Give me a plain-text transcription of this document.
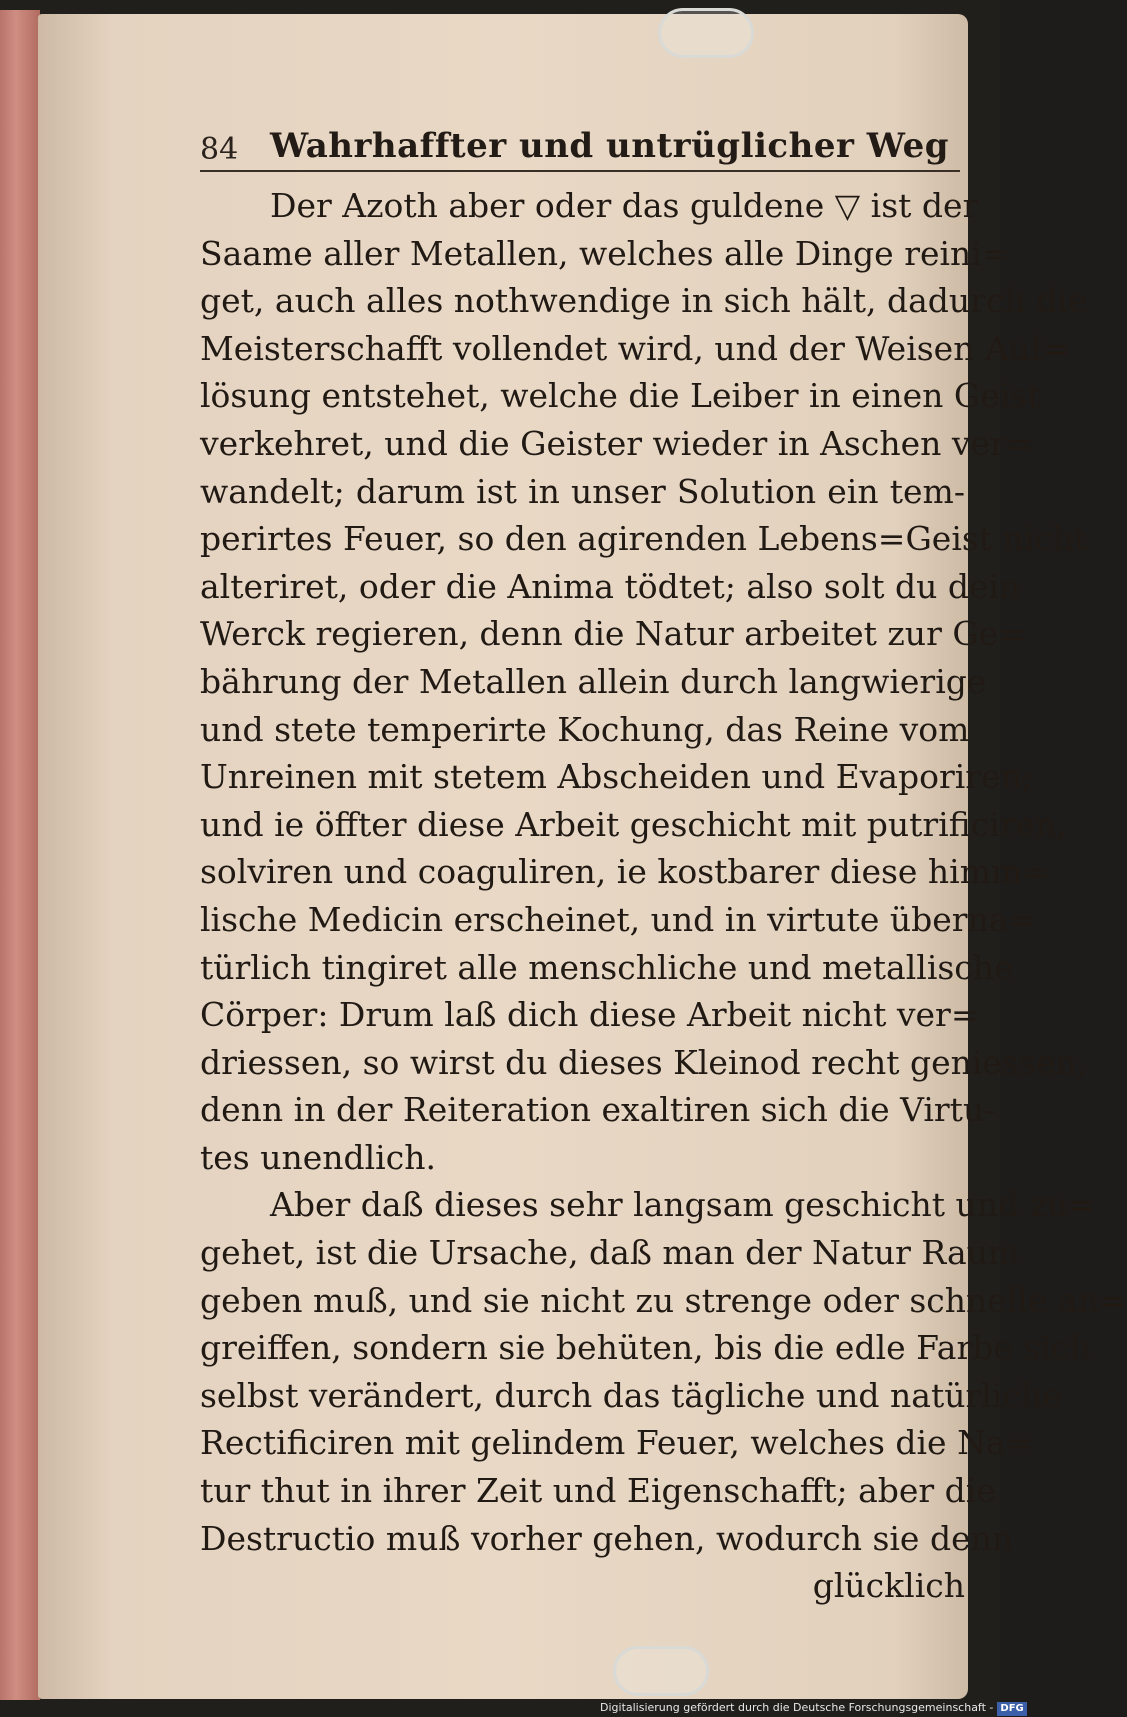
84 Wahrhaffter und untrüglicher Weg
Der Azoth aber oder das guldene ▽ ist der
Saame aller Metallen, welches alle Dinge reini=
get, auch alles nothwendige in sich hält, dadurch die
Meisterschafft vollendet wird, und der Weisen Auf=
lösung entstehet, welche die Leiber in einen Geist
verkehret, und die Geister wieder in Aschen ver=
wandelt; darum ist in unser Solution ein tem-
perirtes Feuer, so den agirenden Lebens=Geist nicht
alteriret, oder die Anima tödtet; also solt du dein
Werck regieren, denn die Natur arbeitet zur Ge=
bährung der Metallen allein durch langwierige
und stete temperirte Kochung, das Reine vom
Unreinen mit stetem Abscheiden und Evaporiren;
und ie öffter diese Arbeit geschicht mit putrificiren,
solviren und coaguliren, ie kostbarer diese himm=
lische Medicin erscheinet, und in virtute überna=
türlich tingiret alle menschliche und metallische
Cörper: Drum laß dich diese Arbeit nicht ver=
driessen, so wirst du dieses Kleinod recht geniessen,
denn in der Reiteration exaltiren sich die Virtu-
tes unendlich.
Aber daß dieses sehr langsam geschicht und zu=
gehet, ist die Ursache, daß man der Natur Raum
geben muß, und sie nicht zu strenge oder schnelle an=
greiffen, sondern sie behüten, bis die edle Farbe sich
selbst verändert, durch das tägliche und natürliche
Rectificiren mit gelindem Feuer, welches die Na=
tur thut in ihrer Zeit und Eigenschafft; aber die
Destructio muß vorher gehen, wodurch sie denn
glücklich
Digitalisierung gefördert durch die Deutsche Forschungsgemeinschaft - DFG
